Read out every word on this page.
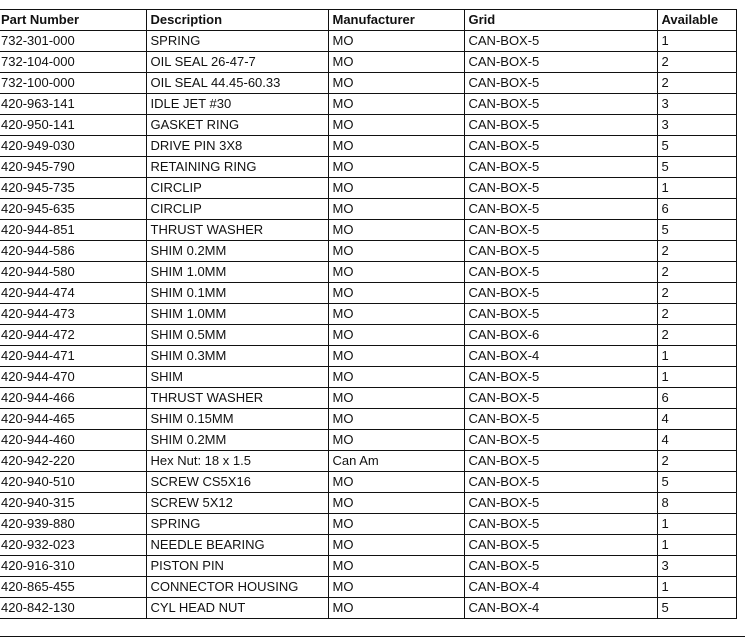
Part Number	Description	Manufacturer	Grid	Available
732-301-000	SPRING	MO	CAN-BOX-5	1
732-104-000	OIL SEAL 26-47-7	MO	CAN-BOX-5	2
732-100-000	OIL SEAL 44.45-60.33	MO	CAN-BOX-5	2
420-963-141	IDLE JET #30	MO	CAN-BOX-5	3
420-950-141	GASKET RING	MO	CAN-BOX-5	3
420-949-030	DRIVE PIN 3X8	MO	CAN-BOX-5	5
420-945-790	RETAINING RING	MO	CAN-BOX-5	5
420-945-735	CIRCLIP	MO	CAN-BOX-5	1
420-945-635	CIRCLIP	MO	CAN-BOX-5	6
420-944-851	THRUST WASHER	MO	CAN-BOX-5	5
420-944-586	SHIM 0.2MM	MO	CAN-BOX-5	2
420-944-580	SHIM 1.0MM	MO	CAN-BOX-5	2
420-944-474	SHIM 0.1MM	MO	CAN-BOX-5	2
420-944-473	SHIM 1.0MM	MO	CAN-BOX-5	2
420-944-472	SHIM 0.5MM	MO	CAN-BOX-6	2
420-944-471	SHIM 0.3MM	MO	CAN-BOX-4	1
420-944-470	SHIM	MO	CAN-BOX-5	1
420-944-466	THRUST WASHER	MO	CAN-BOX-5	6
420-944-465	SHIM 0.15MM	MO	CAN-BOX-5	4
420-944-460	SHIM 0.2MM	MO	CAN-BOX-5	4
420-942-220	Hex Nut: 18 x 1.5	Can Am	CAN-BOX-5	2
420-940-510	SCREW CS5X16	MO	CAN-BOX-5	5
420-940-315	SCREW 5X12	MO	CAN-BOX-5	8
420-939-880	SPRING	MO	CAN-BOX-5	1
420-932-023	NEEDLE BEARING	MO	CAN-BOX-5	1
420-916-310	PISTON PIN	MO	CAN-BOX-5	3
420-865-455	CONNECTOR HOUSING	MO	CAN-BOX-4	1
420-842-130	CYL HEAD NUT	MO	CAN-BOX-4	5
